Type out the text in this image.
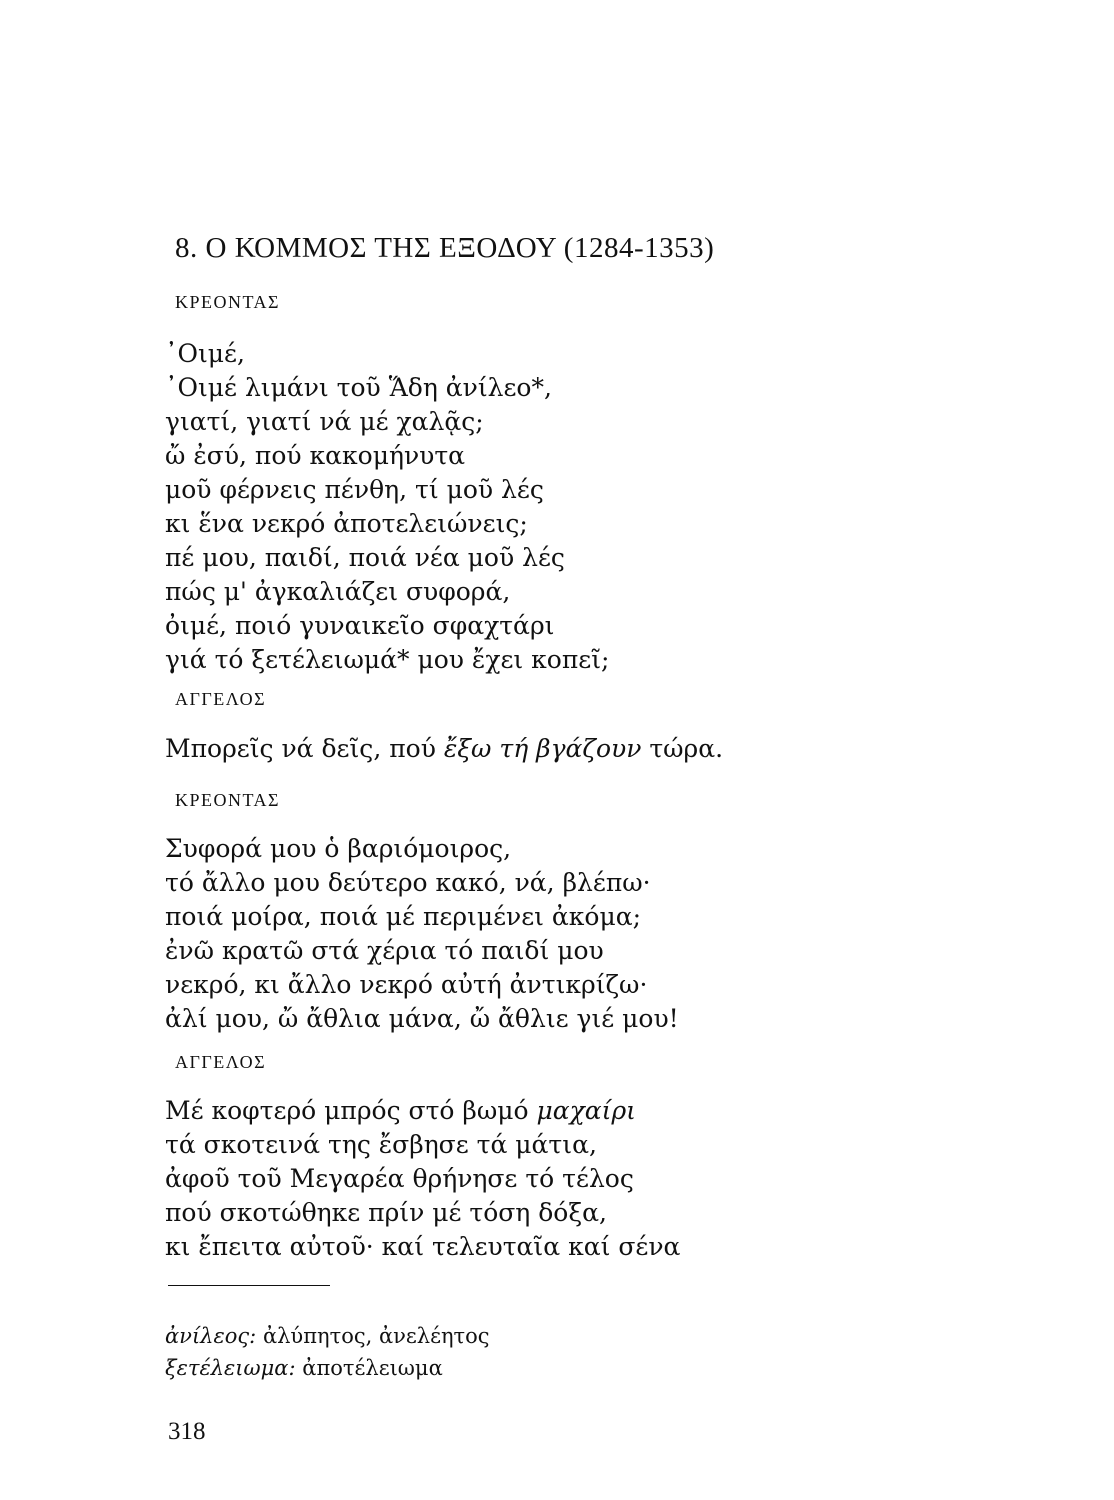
8. Ο ΚΟΜΜΟΣ ΤΗΣ ΕΞΟΔΟΥ (1284-1353)
ΚΡΕΟΝΤΑΣ
᾿Οιμέ,
᾿Οιμέ λιμάνι τοῦ Ἅδη ἀνίλεο*,
γιατί, γιατί νά μέ χαλᾷς;
ὤ ἐσύ, πού κακομήνυτα
μοῦ φέρνεις πένθη, τί μοῦ λές
κι ἕνα νεκρό ἀποτελειώνεις;
πέ μου, παιδί, ποιά νέα μοῦ λές
πώς μ' ἀγκαλιάζει συφορά,
ὀιμέ, ποιό γυναικεῖο σφαχτάρι
γιά τό ξετέλειωμά* μου ἔχει κοπεῖ;
ΑΓΓΕΛΟΣ
Μπορεῖς νά δεῖς, πού ἔξω τή βγάζουν τώρα.
ΚΡΕΟΝΤΑΣ
Συφορά μου ὁ βαριόμοιρος,
τό ἄλλο μου δεύτερο κακό, νά, βλέπω·
ποιά μοίρα, ποιά μέ περιμένει ἀκόμα;
ἐνῶ κρατῶ στά χέρια τό παιδί μου
νεκρό, κι ἄλλο νεκρό αὐτή ἀντικρίζω·
ἀλί μου, ὤ ἄθλια μάνα, ὤ ἄθλιε γιέ μου!
ΑΓΓΕΛΟΣ
Μέ κοφτερό μπρός στό βωμό μαχαίρι
τά σκοτεινά της ἔσβησε τά μάτια,
ἀφοῦ τοῦ Μεγαρέα θρήνησε τό τέλος
πού σκοτώθηκε πρίν μέ τόση δόξα,
κι ἔπειτα αὐτοῦ· καί τελευταῖα καί σένα
ἀνίλεος: ἀλύπητος, ἀνελέητος
ξετέλειωμα: ἀποτέλειωμα
318
